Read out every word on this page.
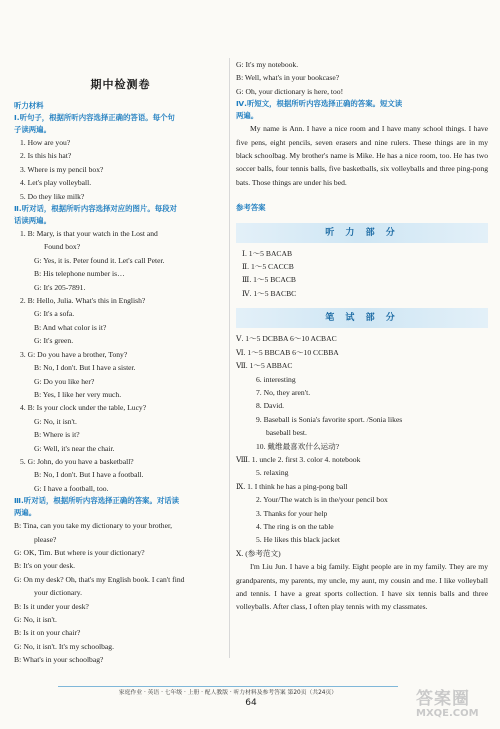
期中检测卷
听力材料
Ⅰ.听句子，根据所听内容选择正确的答语。每个句
子读两遍。
1. How are you?
2. Is this his hat?
3. Where is my pencil box?
4. Let's play volleyball.
5. Do they like milk?
Ⅱ.听对话，根据所听内容选择对应的图片。每段对
话读两遍。
1. B: Mary, is that your watch in the Lost and
Found box?
G: Yes, it is. Peter found it. Let's call Peter.
B: His telephone number is…
G: It's 205-7891.
2. B: Hello, Julia. What's this in English?
G: It's a sofa.
B: And what color is it?
G: It's green.
3. G: Do you have a brother, Tony?
B: No, I don't. But I have a sister.
G: Do you like her?
B: Yes, I like her very much.
4. B: Is your clock under the table, Lucy?
G: No, it isn't.
B: Where is it?
G: Well, it's near the chair.
5. G: John, do you have a basketball?
B: No, I don't. But I have a football.
G: I have a football, too.
Ⅲ.听对话，根据所听内容选择正确的答案。对话读
两遍。
B: Tina, can you take my dictionary to your brother,
please?
G: OK, Tim. But where is your dictionary?
B: It's on your desk.
G: On my desk? Oh, that's my English book. I can't find
your dictionary.
B: Is it under your desk?
G: No, it isn't.
B: Is it on your chair?
G: No, it isn't. It's my schoolbag.
B: What's in your schoolbag?
G: It's my notebook.
B: Well, what's in your bookcase?
G: Oh, your dictionary is here, too!
Ⅳ.听短文，根据所听内容选择正确的答案。短文读
两遍。
My name is Ann. I have a nice room and I have many school things. I have five pens, eight pencils, seven erasers and nine rulers. These things are in my black schoolbag. My brother's name is Mike. He has a nice room, too. He has two soccer balls, four tennis balls, five basketballs, six volleyballs and three ping-pong bats. Those things are under his bed.
参考答案
听 力 部 分
Ⅰ. 1～5 BACAB
Ⅱ. 1～5 CACCB
Ⅲ. 1～5 BCACB
Ⅳ. 1～5 BACBC
笔 试 部 分
Ⅴ. 1～5 DCBBA 6～10 ACBAC
Ⅵ. 1～5 BBCAB 6～10 CCBBA
Ⅶ. 1～5 ABBAC
6. interesting
7. No, they aren't.
8. David.
9. Baseball is Sonia's favorite sport. /Sonia likes
baseball best.
10. 戴维最喜欢什么运动?
Ⅷ. 1. uncle 2. first 3. color 4. notebook
5. relaxing
Ⅸ. 1. I think he has a ping-pong ball
2. Your/The watch is in the/your pencil box
3. Thanks for your help
4. The ring is on the table
5. He likes this black jacket
Ⅹ. (参考范文)
I'm Liu Jun. I have a big family. Eight people are in my family. They are my grandparents, my parents, my uncle, my aunt, my cousin and me. I like volleyball and tennis. I have a great sports collection. I have six tennis balls and three volleyballs. After class, I often play tennis with my classmates.
家庭作业 · 英语 · 七年级 · 上册 · 配人教版 · 听力材料及参考答案 第20页（共24页）
64	答案圈
MXQE.COM
